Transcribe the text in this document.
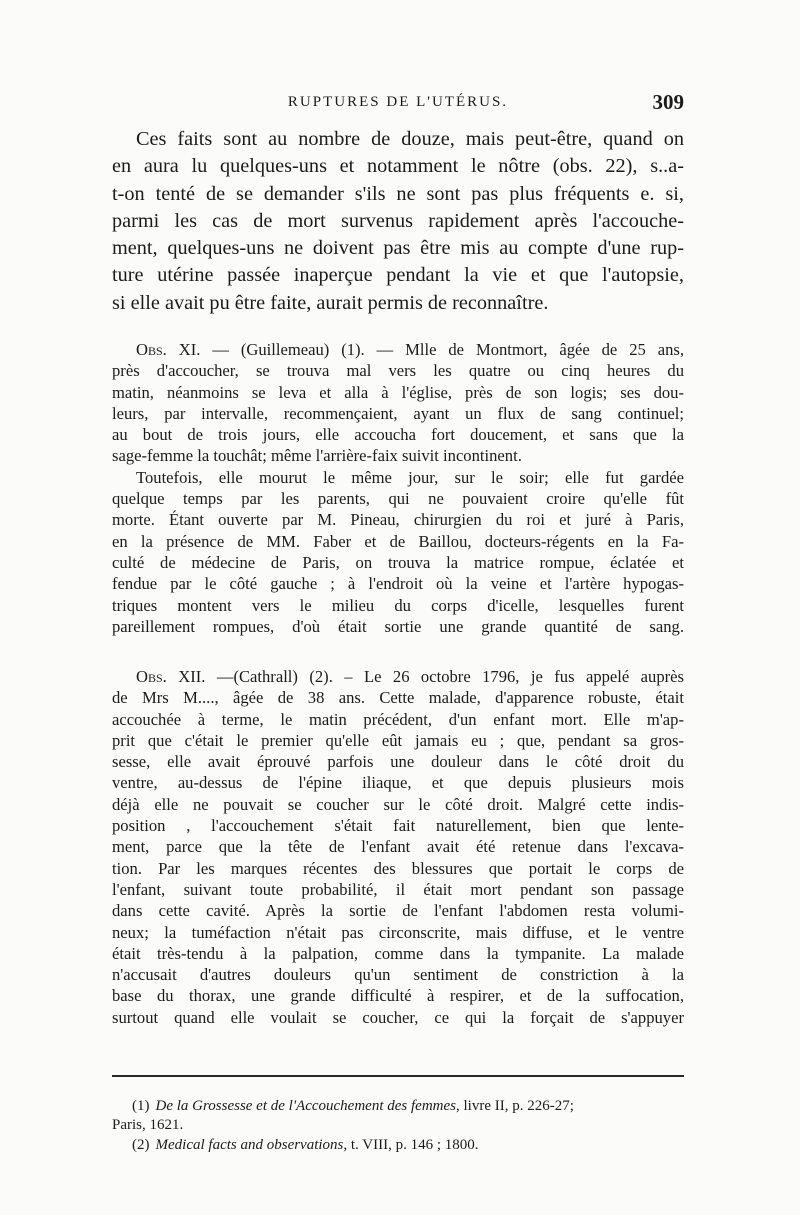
RUPTURES DE L'UTÉRUS.	309
Ces faits sont au nombre de douze, mais peut-être, quand on
en aura lu quelques-uns et notamment le nôtre (obs. 22), s..a-
t-on tenté de se demander s'ils ne sont pas plus fréquents e. si,
parmi les cas de mort survenus rapidement après l'accouche-
ment, quelques-uns ne doivent pas être mis au compte d'une rup-
ture utérine passée inaperçue pendant la vie et que l'autopsie,
si elle avait pu être faite, aurait permis de reconnaître.
Obs. XI. — (Guillemeau) (1). — Mlle de Montmort, âgée de 25 ans,
près d'accoucher, se trouva mal vers les quatre ou cinq heures du
matin, néanmoins se leva et alla à l'église, près de son logis; ses dou-
leurs, par intervalle, recommençaient, ayant un flux de sang continuel;
au bout de trois jours, elle accoucha fort doucement, et sans que la
sage-femme la touchât; même l'arrière-faix suivit incontinent.
Toutefois, elle mourut le même jour, sur le soir; elle fut gardée
quelque temps par les parents, qui ne pouvaient croire qu'elle fût
morte. Étant ouverte par M. Pineau, chirurgien du roi et juré à Paris,
en la présence de MM. Faber et de Baillou, docteurs-régents en la Fa-
culté de médecine de Paris, on trouva la matrice rompue, éclatée et
fendue par le côté gauche ; à l'endroit où la veine et l'artère hypogas-
triques montent vers le milieu du corps d'icelle, lesquelles furent
pareillement rompues, d'où était sortie une grande quantité de sang.
Obs. XII. —(Cathrall) (2). – Le 26 octobre 1796, je fus appelé auprès
de Mrs M...., âgée de 38 ans. Cette malade, d'apparence robuste, était
accouchée à terme, le matin précédent, d'un enfant mort. Elle m'ap-
prit que c'était le premier qu'elle eût jamais eu ; que, pendant sa gros-
sesse, elle avait éprouvé parfois une douleur dans le côté droit du
ventre, au-dessus de l'épine iliaque, et que depuis plusieurs mois
déjà elle ne pouvait se coucher sur le côté droit. Malgré cette indis-
position , l'accouchement s'était fait naturellement, bien que lente-
ment, parce que la tête de l'enfant avait été retenue dans l'excava-
tion. Par les marques récentes des blessures que portait le corps de
l'enfant, suivant toute probabilité, il était mort pendant son passage
dans cette cavité. Après la sortie de l'enfant l'abdomen resta volumi-
neux; la tuméfaction n'était pas circonscrite, mais diffuse, et le ventre
était très-tendu à la palpation, comme dans la tympanite. La malade
n'accusait d'autres douleurs qu'un sentiment de constriction à la
base du thorax, une grande difficulté à respirer, et de la suffocation,
surtout quand elle voulait se coucher, ce qui la forçait de s'appuyer
(1) De la Grossesse et de l'Accouchement des femmes, livre II, p. 226-27;
Paris, 1621.
(2) Medical facts and observations, t. VIII, p. 146 ; 1800.
